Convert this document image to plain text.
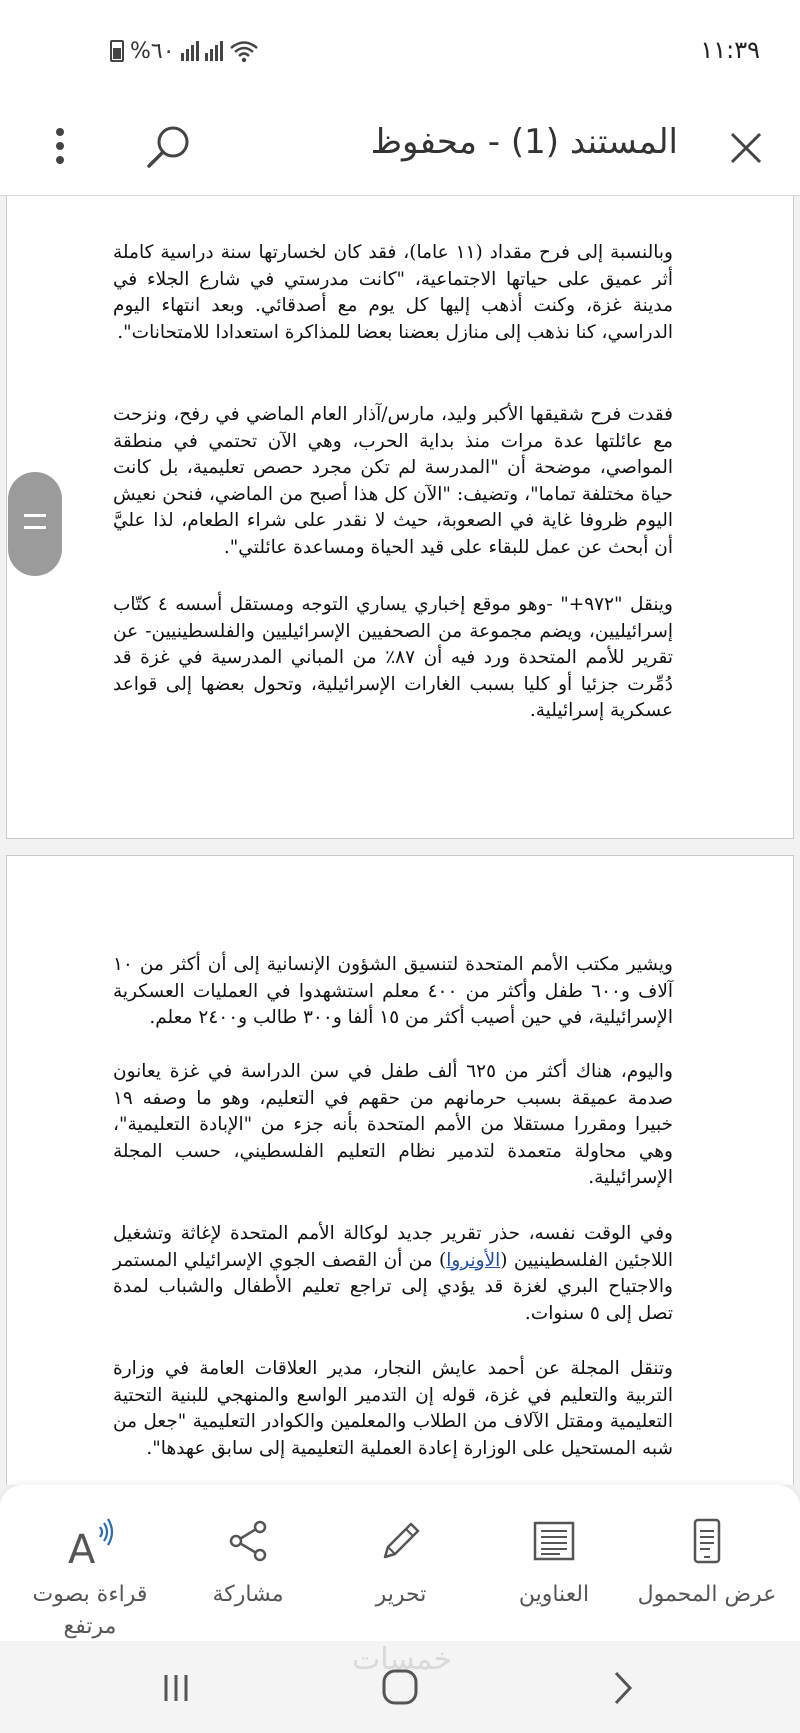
%٦٠	١١:٣٩
المستند (1) - محفوظ
وبالنسبة إلى فرح مقداد (١١ عاما)، فقد كان لخسارتها سنة دراسية كاملة أثر عميق على حياتها الاجتماعية، "كانت مدرستي في شارع الجلاء في مدينة غزة، وكنت أذهب إليها كل يوم مع أصدقائي. وبعد انتهاء اليوم الدراسي، كنا نذهب إلى منازل بعضنا بعضا للمذاكرة استعدادا للامتحانات".
فقدت فرح شقيقها الأكبر وليد، مارس/آذار العام الماضي في رفح، ونزحت مع عائلتها عدة مرات منذ بداية الحرب، وهي الآن تحتمي في منطقة المواصي، موضحة أن "المدرسة لم تكن مجرد حصص تعليمية، بل كانت حياة مختلفة تماما"، وتضيف: "الآن كل هذا أصبح من الماضي، فنحن نعيش اليوم ظروفا غاية في الصعوبة، حيث لا نقدر على شراء الطعام، لذا عليَّ أن أبحث عن عمل للبقاء على قيد الحياة ومساعدة عائلتي".
وينقل "٩٧٢+" -وهو موقع إخباري يساري التوجه ومستقل أسسه ٤ كتّاب إسرائيليين، ويضم مجموعة من الصحفيين الإسرائيليين والفلسطينيين- عن تقرير للأمم المتحدة ورد فيه أن ٨٧٪ من المباني المدرسية في غزة قد دُمِّرت جزئيا أو كليا بسبب الغارات الإسرائيلية، وتحول بعضها إلى قواعد عسكرية إسرائيلية.
ويشير مكتب الأمم المتحدة لتنسيق الشؤون الإنسانية إلى أن أكثر من ١٠ آلاف و٦٠٠ طفل وأكثر من ٤٠٠ معلم استشهدوا في العمليات العسكرية الإسرائيلية، في حين أصيب أكثر من ١٥ ألفا و٣٠٠ طالب و٢٤٠٠ معلم.
واليوم، هناك أكثر من ٦٢٥ ألف طفل في سن الدراسة في غزة يعانون صدمة عميقة بسبب حرمانهم من حقهم في التعليم، وهو ما وصفه ١٩ خبيرا ومقررا مستقلا من الأمم المتحدة بأنه جزء من "الإبادة التعليمية"، وهي محاولة متعمدة لتدمير نظام التعليم الفلسطيني، حسب المجلة الإسرائيلية.
وفي الوقت نفسه، حذر تقرير جديد لوكالة الأمم المتحدة لإغاثة وتشغيل اللاجئين الفلسطينيين (الأونروا) من أن القصف الجوي الإسرائيلي المستمر والاجتياح البري لغزة قد يؤدي إلى تراجع تعليم الأطفال والشباب لمدة تصل إلى ٥ سنوات.
وتنقل المجلة عن أحمد عايش النجار، مدير العلاقات العامة في وزارة التربية والتعليم في غزة، قوله إن التدمير الواسع والمنهجي للبنية التحتية التعليمية ومقتل الآلاف من الطلاب والمعلمين والكوادر التعليمية "جعل من شبه المستحيل على الوزارة إعادة العملية التعليمية إلى سابق عهدها".
عرض المحمول
العناوين
تحرير
مشاركة
A
قراءة بصوت مرتفع
خمسات
